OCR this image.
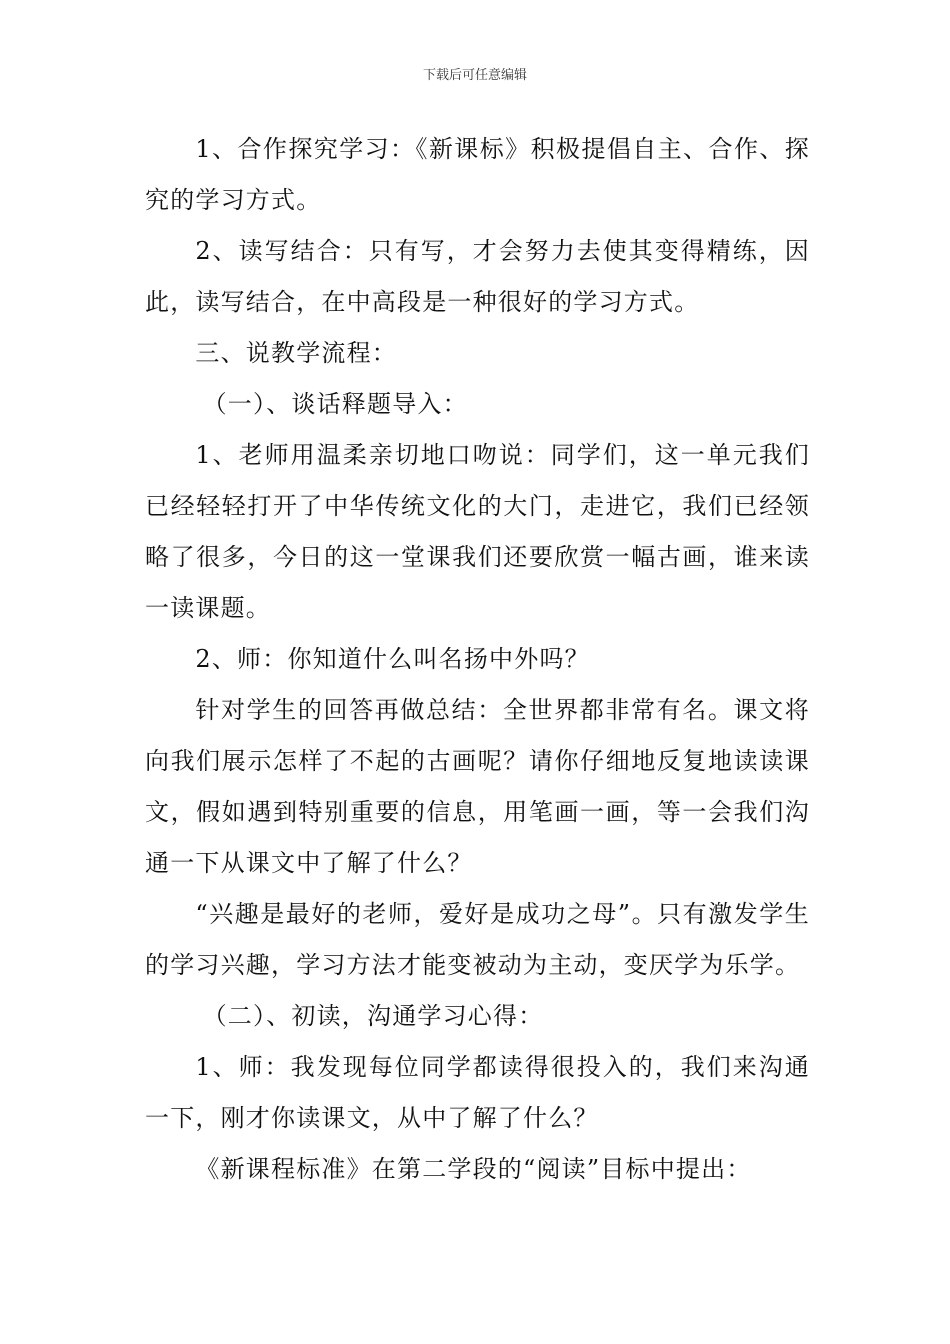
下载后可任意编辑

1、合作探究学习：《新课标》积极提倡自主、合作、探究的学习方式。

2、读写结合：只有写，才会努力去使其变得精练，因此，读写结合，在中高段是一种很好的学习方式。

三、说教学流程：

（一）、谈话释题导入：

1、老师用温柔亲切地口吻说：同学们，这一单元我们已经轻轻打开了中华传统文化的大门，走进它，我们已经领略了很多，今日的这一堂课我们还要欣赏一幅古画，谁来读一读课题。

2、师：你知道什么叫名扬中外吗？

针对学生的回答再做总结：全世界都非常有名。课文将向我们展示怎样了不起的古画呢？请你仔细地反复地读读课文，假如遇到特别重要的信息，用笔画一画，等一会我们沟通一下从课文中了解了什么？

“兴趣是最好的老师，爱好是成功之母”。只有激发学生的学习兴趣，学习方法才能变被动为主动，变厌学为乐学。

（二）、初读，沟通学习心得：

1、师：我发现每位同学都读得很投入的，我们来沟通一下，刚才你读课文，从中了解了什么？

《新课程标准》在第二学段的“阅读”目标中提出：
